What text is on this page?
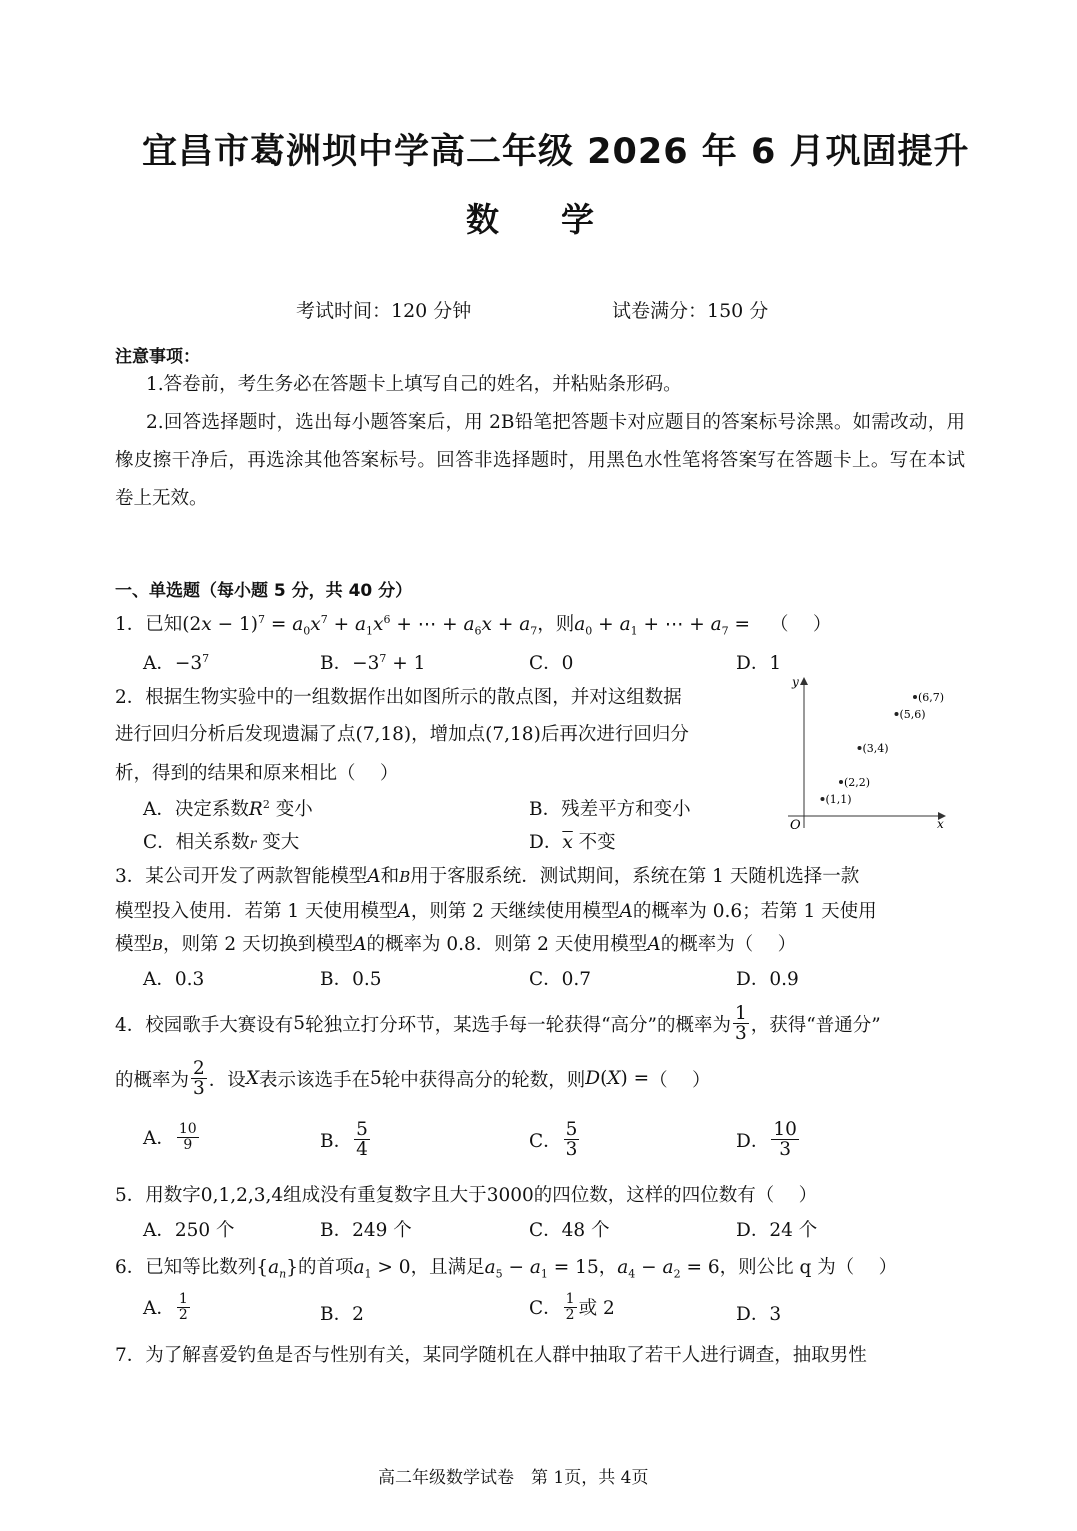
宜昌市葛洲坝中学高二年级 2026 年 6 月巩固提升
数学
考试时间：120 分钟	试卷满分：150 分
注意事项：
1.答卷前，考生务必在答题卡上填写自己的姓名，并粘贴条形码。
2.回答选择题时，选出每小题答案后，用 2B铅笔把答题卡对应题目的答案标号涂黑。如需改动，用橡皮擦干净后，再选涂其他答案标号。回答非选择题时，用黑色水性笔将答案写在答题卡上。写在本试卷上无效。
一、单选题（每小题 5 分，共 40 分）
1．已知$(2x - 1)^7 = a_0x^7 + a_1x^6$ + ⋯ + $a_6x + a_7$，则$a_0 + a_1$ + ⋯ + $a_7$ = （　 ）
A．$-3^7$	B．$-3^7 + 1$	C．0	D．1
2．根据生物实验中的一组数据作出如图所示的散点图，并对这组数据
进行回归分析后发现遗漏了点(7,18)，增加点(7,18)后再次进行回归分
析，得到的结果和原来相比（　 ）
A．决定系数$R^2$ 变小	B．残差平方和变小
C．相关系数r 变大	D．$\overline{x}$ 不变
y
x
O
(1,1)
(2,2)
(3,4)
(5,6)
(6,7)
3．某公司开发了两款智能模型A和B用于客服系统．测试期间，系统在第 1 天随机选择一款
模型投入使用．若第 1 天使用模型A，则第 2 天继续使用模型A的概率为 0.6；若第 1 天使用
模型B，则第 2 天切换到模型A的概率为 0.8．则第 2 天使用模型A的概率为（　 ）
A．0.3	B．0.5	C．0.7	D．0.9
4． 校园歌手大赛设有 5 轮独立打分环节，某选手每一轮获得“高分”的概率为 $\frac{1}{3}$ ，获得“普通分”
的概率为 $\frac{2}{3}$ ．设 X 表示该选手在 5 轮中获得高分的轮数，则 D(X) = （　 ）
A． $\frac{10}{9}$	B． $\frac{5}{4}$	C． $\frac{5}{3}$	D． $\frac{10}{3}$
5．用数字0,1,2,3,4组成没有重复数字且大于3000的四位数，这样的四位数有（　 ）
A．250 个	B．249 个	C．48 个	D．24 个
6．已知等比数列$\{a_n\}$的首项$a_1 > 0$，且满足$a_5 - a_1 = 15$，$a_4 - a_2 = 6$，则公比 q 为（　 ）
A． $\frac{1}{2}$	B．2	C． $\frac{1}{2}$ 或 2	D．3
7．为了解喜爱钓鱼是否与性别有关，某同学随机在人群中抽取了若干人进行调查，抽取男性
高二年级数学试卷　第 1页，共 4页
